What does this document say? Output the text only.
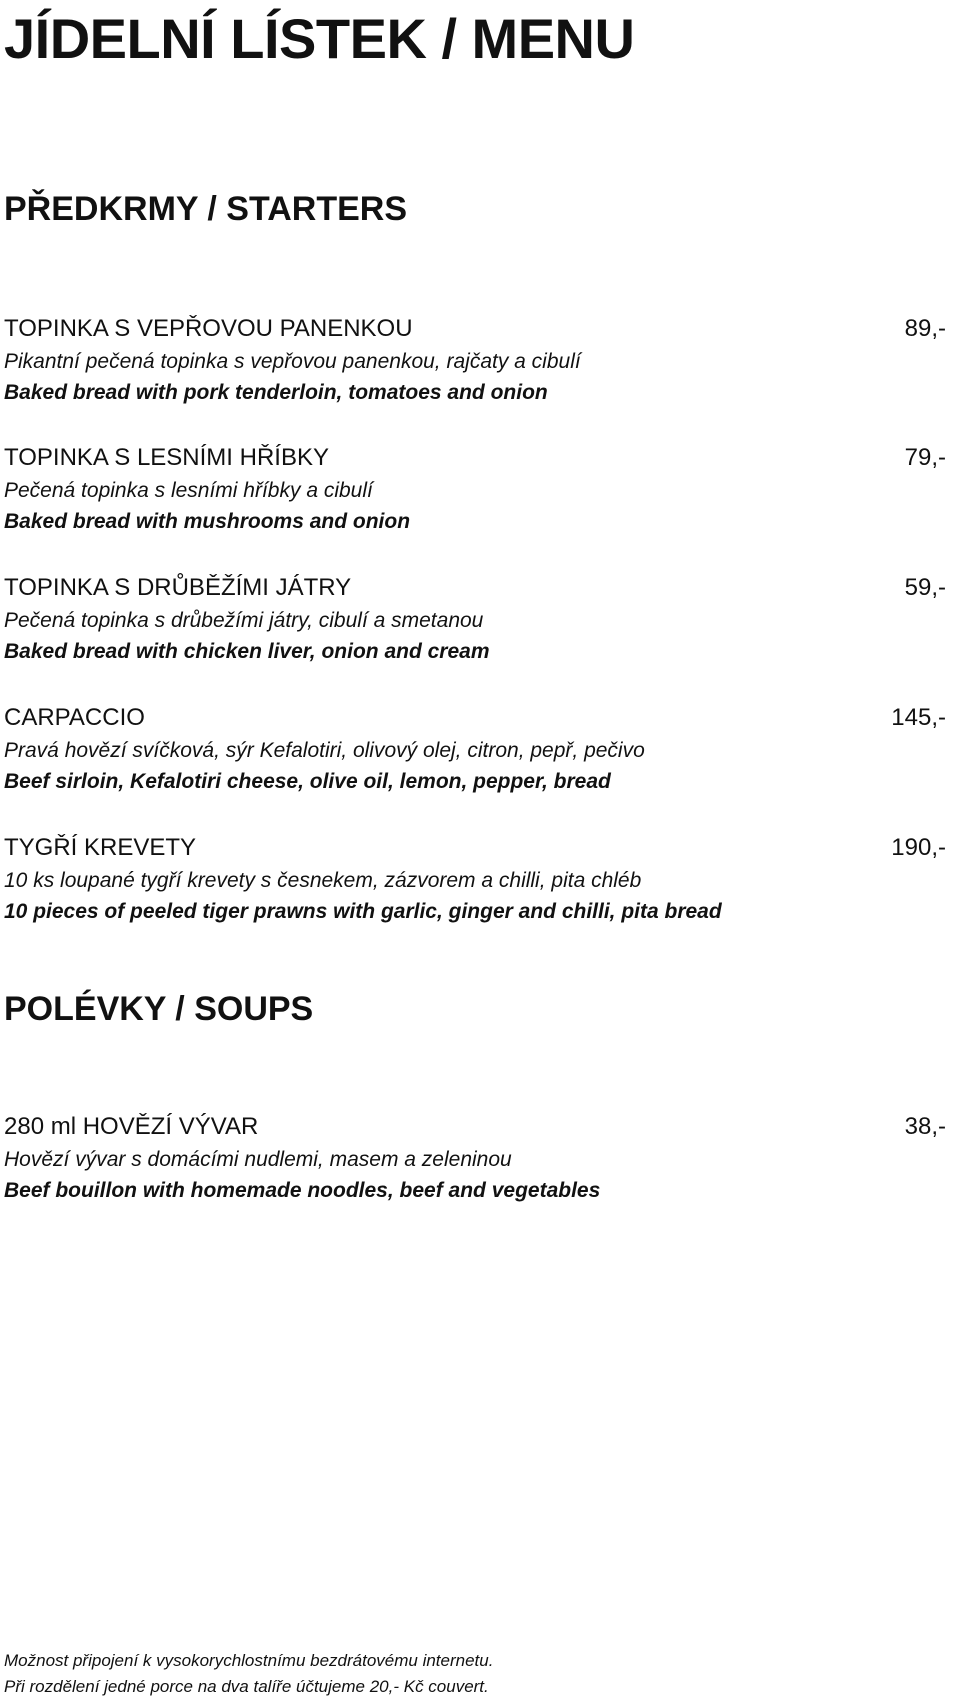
JÍDELNÍ LÍSTEK / MENU
PŘEDKRMY / STARTERS
TOPINKA S VEPŘOVOU PANENKOU	89,-
Pikantní pečená topinka s vepřovou panenkou, rajčaty a cibulí
Baked bread with pork tenderloin, tomatoes and onion
TOPINKA S LESNÍMI HŘÍBKY	79,-
Pečená topinka s lesními hříbky a cibulí
Baked bread with mushrooms and onion
TOPINKA S DRŮBĚŽÍMI JÁTRY	59,-
Pečená topinka s drůbežími játry, cibulí a smetanou
Baked bread with chicken liver, onion and cream
CARPACCIO	145,-
Pravá hovězí svíčková, sýr Kefalotiri, olivový olej, citron, pepř, pečivo
Beef sirloin, Kefalotiri cheese, olive oil, lemon, pepper, bread
TYGŘÍ KREVETY	190,-
10 ks loupané tygří krevety s česnekem, zázvorem a chilli, pita chléb
10 pieces of peeled tiger prawns with garlic, ginger and chilli, pita bread
POLÉVKY / SOUPS
280 ml HOVĚZÍ VÝVAR	38,-
Hovězí vývar s domácími nudlemi, masem a zeleninou
Beef bouillon with homemade noodles, beef and vegetables
Možnost připojení k vysokorychlostnímu bezdrátovému internetu.
Při rozdělení jedné porce na dva talíře účtujeme 20,- Kč couvert.
